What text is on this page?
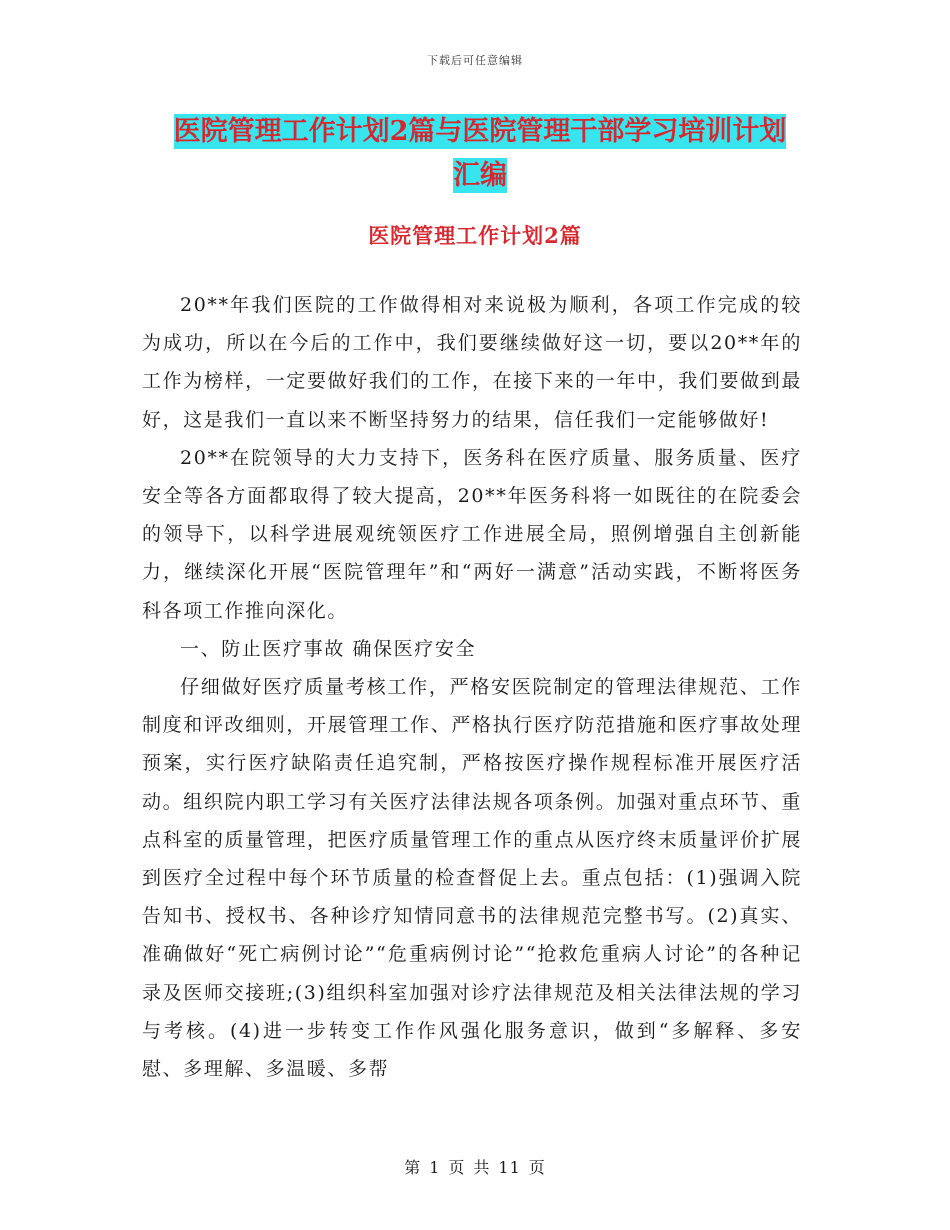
下载后可任意编辑
医院管理工作计划2篇与医院管理干部学习培训计划
汇编
医院管理工作计划2篇

20**年我们医院的工作做得相对来说极为顺利，各项工作完成的较为成功，所以在今后的工作中，我们要继续做好这一切，要以20**年的工作为榜样，一定要做好我们的工作，在接下来的一年中，我们要做到最好，这是我们一直以来不断坚持努力的结果，信任我们一定能够做好!

20**在院领导的大力支持下，医务科在医疗质量、服务质量、医疗安全等各方面都取得了较大提高，20**年医务科将一如既往的在院委会的领导下，以科学进展观统领医疗工作进展全局，照例增强自主创新能力，继续深化开展“医院管理年”和“两好一满意”活动实践，不断将医务科各项工作推向深化。

一、防止医疗事故 确保医疗安全

仔细做好医疗质量考核工作，严格安医院制定的管理法律规范、工作制度和评改细则，开展管理工作、严格执行医疗防范措施和医疗事故处理预案，实行医疗缺陷责任追究制，严格按医疗操作规程标准开展医疗活动。组织院内职工学习有关医疗法律法规各项条例。加强对重点环节、重点科室的质量管理，把医疗质量管理工作的重点从医疗终末质量评价扩展到医疗全过程中每个环节质量的检查督促上去。重点包括：(1)强调入院告知书、授权书、各种诊疗知情同意书的法律规范完整书写。(2)真实、准确做好“死亡病例讨论”“危重病例讨论”“抢救危重病人讨论”的各种记录及医师交接班;(3)组织科室加强对诊疗法律规范及相关法律法规的学习与考核。(4)进一步转变工作作风强化服务意识，做到“多解释、多安慰、多理解、多温暖、多帮

第 1 页 共 11 页
